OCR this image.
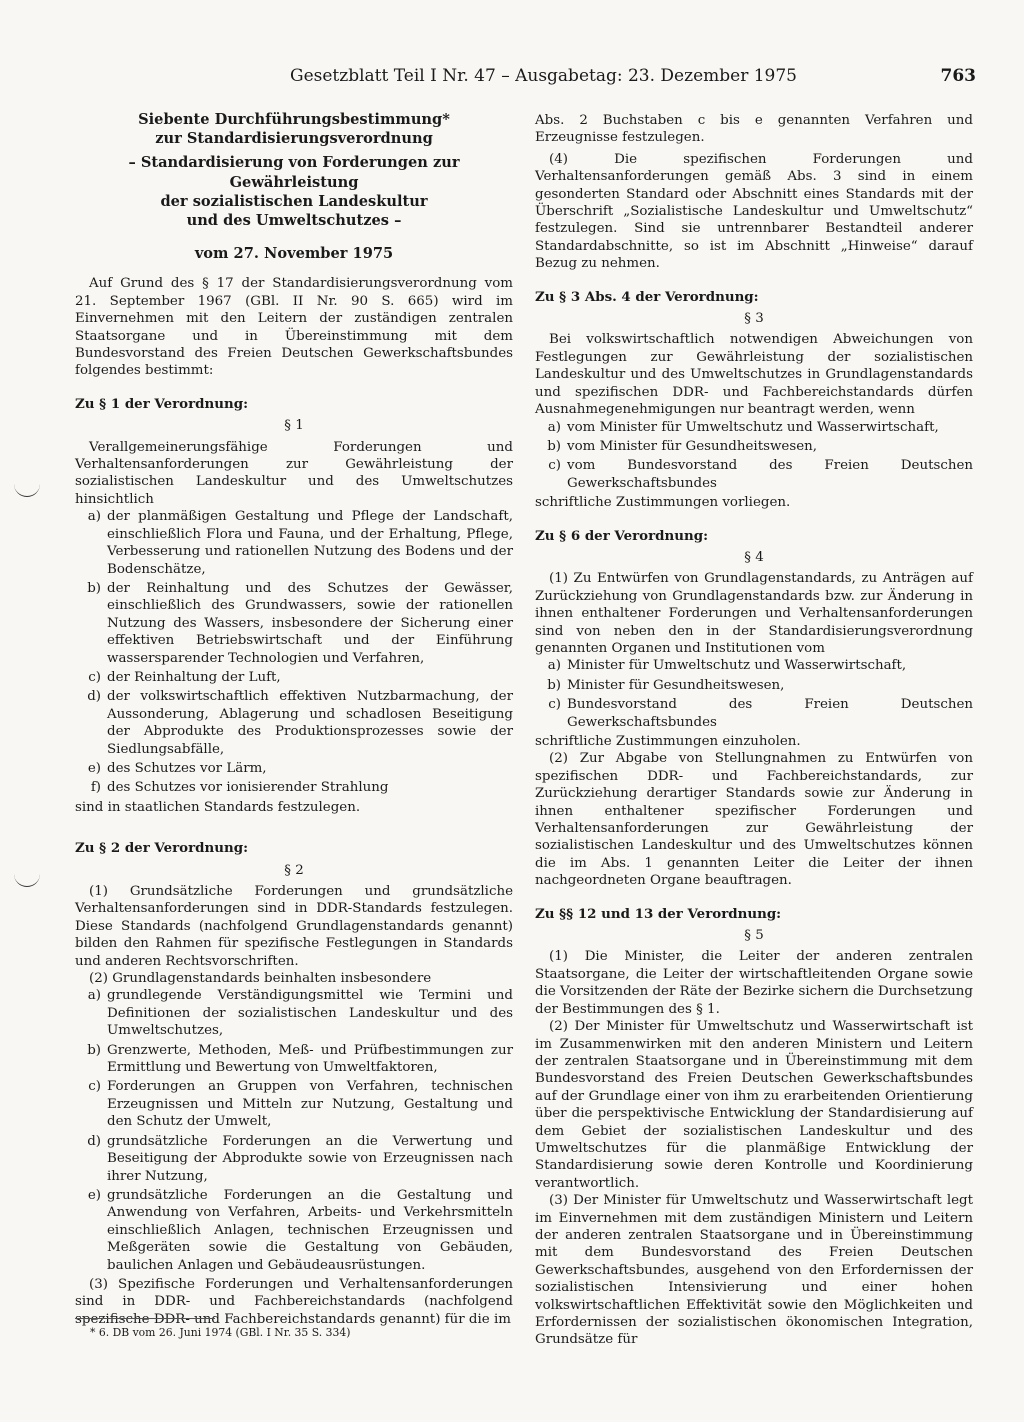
Gesetzblatt Teil I Nr. 47 – Ausgabetag: 23. Dezember 1975	763

Siebente Durchführungsbestimmung*

zur Standardisierungsverordnung

– Standardisierung von Forderungen zur Gewährleistung

der sozialistischen Landeskultur

und des Umweltschutzes –

vom 27. November 1975

Auf Grund des § 17 der Standardisierungsverordnung vom 21. September 1967 (GBl. II Nr. 90 S. 665) wird im Einvernehmen mit den Leitern der zuständigen zentralen Staatsorgane und in Übereinstimmung mit dem Bundesvorstand des Freien Deutschen Gewerkschaftsbundes folgendes bestimmt:

Zu § 1 der Verordnung:

§ 1

Verallgemeinerungsfähige Forderungen und Verhaltensanforderungen zur Gewährleistung der sozialistischen Landeskultur und des Umweltschutzes hinsichtlich

a) der planmäßigen Gestaltung und Pflege der Landschaft, einschließlich Flora und Fauna, und der Erhaltung, Pflege, Verbesserung und rationellen Nutzung des Bodens und der Bodenschätze,
b) der Reinhaltung und des Schutzes der Gewässer, einschließlich des Grundwassers, sowie der rationellen Nutzung des Wassers, insbesondere der Sicherung einer effektiven Betriebswirtschaft und der Einführung wassersparender Technologien und Verfahren,
c) der Reinhaltung der Luft,
d) der volkswirtschaftlich effektiven Nutzbarmachung, der Aussonderung, Ablagerung und schadlosen Beseitigung der Abprodukte des Produktionsprozesses sowie der Siedlungsabfälle,
e) des Schutzes vor Lärm,
f) des Schutzes vor ionisierender Strahlung

sind in staatlichen Standards festzulegen.

Zu § 2 der Verordnung:

§ 2

(1) Grundsätzliche Forderungen und grundsätzliche Verhaltensanforderungen sind in DDR-Standards festzulegen. Diese Standards (nachfolgend Grundlagenstandards genannt) bilden den Rahmen für spezifische Festlegungen in Standards und anderen Rechtsvorschriften.

(2) Grundlagenstandards beinhalten insbesondere

a) grundlegende Verständigungsmittel wie Termini und Definitionen der sozialistischen Landeskultur und des Umweltschutzes,
b) Grenzwerte, Methoden, Meß- und Prüfbestimmungen zur Ermittlung und Bewertung von Umweltfaktoren,
c) Forderungen an Gruppen von Verfahren, technischen Erzeugnissen und Mitteln zur Nutzung, Gestaltung und den Schutz der Umwelt,
d) grundsätzliche Forderungen an die Verwertung und Beseitigung der Abprodukte sowie von Erzeugnissen nach ihrer Nutzung,
e) grundsätzliche Forderungen an die Gestaltung und Anwendung von Verfahren, Arbeits- und Verkehrsmitteln einschließlich Anlagen, technischen Erzeugnissen und Meßgeräten sowie die Gestaltung von Gebäuden, baulichen Anlagen und Gebäudeausrüstungen.

(3) Spezifische Forderungen und Verhaltensanforderungen sind in DDR- und Fachbereichstandards (nachfolgend spezifische DDR- und Fachbereichstandards genannt) für die im

Abs. 2 Buchstaben c bis e genannten Verfahren und Erzeugnisse festzulegen.

(4) Die spezifischen Forderungen und Verhaltensanforderungen gemäß Abs. 3 sind in einem gesonderten Standard oder Abschnitt eines Standards mit der Überschrift „Sozialistische Landeskultur und Umweltschutz“ festzulegen. Sind sie untrennbarer Bestandteil anderer Standardabschnitte, so ist im Abschnitt „Hinweise“ darauf Bezug zu nehmen.

Zu § 3 Abs. 4 der Verordnung:

§ 3

Bei volkswirtschaftlich notwendigen Abweichungen von Festlegungen zur Gewährleistung der sozialistischen Landeskultur und des Umweltschutzes in Grundlagenstandards und spezifischen DDR- und Fachbereichstandards dürfen Ausnahmegenehmigungen nur beantragt werden, wenn

a) vom Minister für Umweltschutz und Wasserwirtschaft,
b) vom Minister für Gesundheitswesen,
c) vom Bundesvorstand des Freien Deutschen Gewerkschaftsbundes

schriftliche Zustimmungen vorliegen.

Zu § 6 der Verordnung:

§ 4

(1) Zu Entwürfen von Grundlagenstandards, zu Anträgen auf Zurückziehung von Grundlagenstandards bzw. zur Änderung in ihnen enthaltener Forderungen und Verhaltensanforderungen sind von neben den in der Standardisierungsverordnung genannten Organen und Institutionen vom

a) Minister für Umweltschutz und Wasserwirtschaft,
b) Minister für Gesundheitswesen,
c) Bundesvorstand des Freien Deutschen Gewerkschaftsbundes

schriftliche Zustimmungen einzuholen.

(2) Zur Abgabe von Stellungnahmen zu Entwürfen von spezifischen DDR- und Fachbereichstandards, zur Zurückziehung derartiger Standards sowie zur Änderung in ihnen enthaltener spezifischer Forderungen und Verhaltensanforderungen zur Gewährleistung der sozialistischen Landeskultur und des Umweltschutzes können die im Abs. 1 genannten Leiter die Leiter der ihnen nachgeordneten Organe beauftragen.

Zu §§ 12 und 13 der Verordnung:

§ 5

(1) Die Minister, die Leiter der anderen zentralen Staatsorgane, die Leiter der wirtschaftleitenden Organe sowie die Vorsitzenden der Räte der Bezirke sichern die Durchsetzung der Bestimmungen des § 1.

(2) Der Minister für Umweltschutz und Wasserwirtschaft ist im Zusammenwirken mit den anderen Ministern und Leitern der zentralen Staatsorgane und in Übereinstimmung mit dem Bundesvorstand des Freien Deutschen Gewerkschaftsbundes auf der Grundlage einer von ihm zu erarbeitenden Orientierung über die perspektivische Entwicklung der Standardisierung auf dem Gebiet der sozialistischen Landeskultur und des Umweltschutzes für die planmäßige Entwicklung der Standardisierung sowie deren Kontrolle und Koordinierung verantwortlich.

(3) Der Minister für Umweltschutz und Wasserwirtschaft legt im Einvernehmen mit dem zuständigen Ministern und Leitern der anderen zentralen Staatsorgane und in Übereinstimmung mit dem Bundesvorstand des Freien Deutschen Gewerkschaftsbundes, ausgehend von den Erfordernissen der sozialistischen Intensivierung und einer hohen volkswirtschaftlichen Effektivität sowie den Möglichkeiten und Erfordernissen der sozialistischen ökonomischen Integration, Grundsätze für

* 6. DB vom 26. Juni 1974 (GBl. I Nr. 35 S. 334)
